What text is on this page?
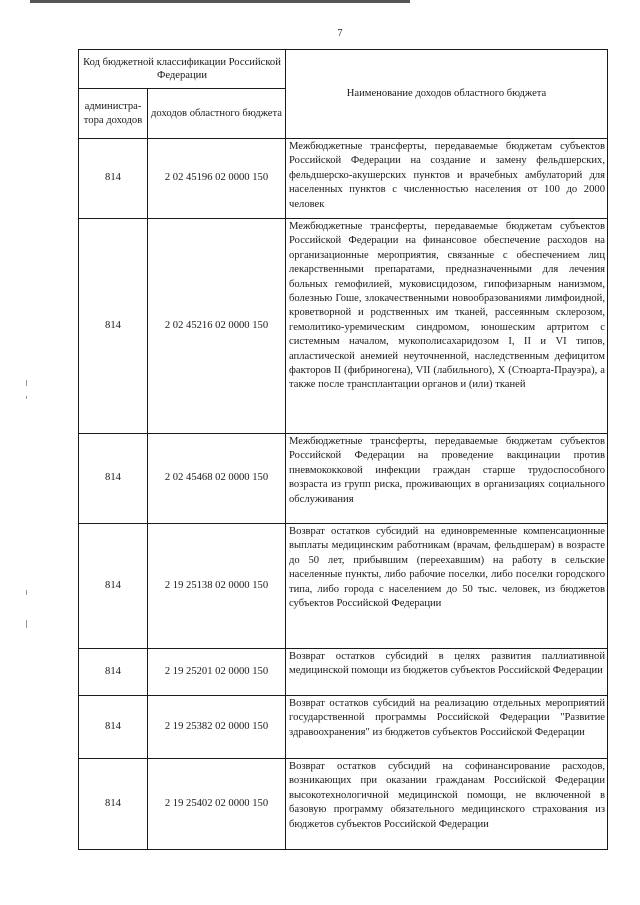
7
Код бюджетной классификации Российской Федерации		Наименование доходов областного бюджета
администра-тора доходов	доходов областного бюджета	
814	2 02 45196 02 0000 150	Межбюджетные трансферты, передаваемые бюджетам субъектов Российской Федерации на создание и замену фельдшерских, фельдшерско-акушерских пунктов и врачебных амбулаторий для населенных пунктов с численностью населения от 100 до 2000 человек
814	2 02 45216 02 0000 150	Межбюджетные трансферты, передаваемые бюджетам субъектов Российской Федерации на финансовое обеспечение расходов на организационные мероприятия, связанные с обеспечением лиц лекарственными препаратами, предназначенными для лечения больных гемофилией, муковисцидозом, гипофизарным нанизмом, болезнью Гоше, злокачественными новообразованиями лимфоидной, кроветворной и родственных им тканей, рассеянным склерозом, гемолитико-уремическим синдромом, юношеским артритом с системным началом, мукополисахаридозом I, II и VI типов, апластической анемией неуточненной, наследственным дефицитом факторов II (фибриногена), VII (лабильного), X (Стюарта-Прауэра), а также после трансплантации органов и (или) тканей
814	2 02 45468 02 0000 150	Межбюджетные трансферты, передаваемые бюджетам субъектов Российской Федерации на проведение вакцинации против пневмококковой инфекции граждан старше трудоспособного возраста из групп риска, проживающих в организациях социального обслуживания
814	2 19 25138 02 0000 150	Возврат остатков субсидий на единовременные компенсационные выплаты медицинским работникам (врачам, фельдшерам) в возрасте до 50 лет, прибывшим (переехавшим) на работу в сельские населенные пункты, либо рабочие поселки, либо поселки городского типа, либо города с населением до 50 тыс. человек, из бюджетов субъектов Российской Федерации
814	2 19 25201 02 0000 150	Возврат остатков субсидий в целях развития паллиативной медицинской помощи из бюджетов субъектов Российской Федерации
814	2 19 25382 02 0000 150	Возврат остатков субсидий на реализацию отдельных мероприятий государственной программы Российской Федерации "Развитие здравоохранения" из бюджетов субъектов Российской Федерации
814	2 19 25402 02 0000 150	Возврат остатков субсидий на софинансирование расходов, возникающих при оказании гражданам Российской Федерации высокотехнологичной медицинской помощи, не включенной в базовую программу обязательного медицинского страхования из бюджетов субъектов Российской Федерации
